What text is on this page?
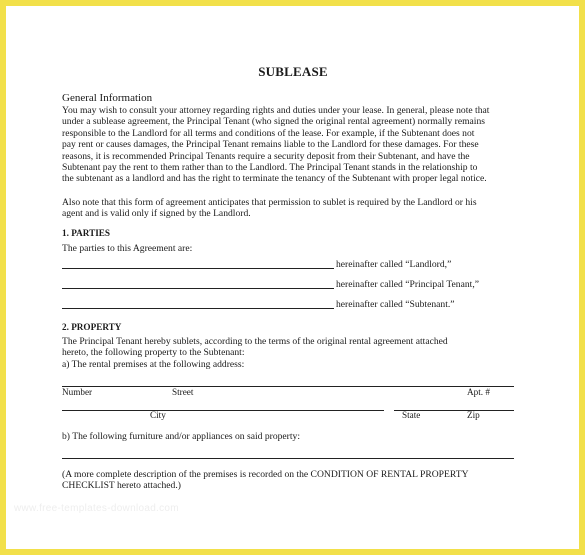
SUBLEASE
General Information
You may wish to consult your attorney regarding rights and duties under your lease. In general, please note that
under a sublease agreement, the Principal Tenant (who signed the original rental agreement) normally remains
responsible to the Landlord for all terms and conditions of the lease. For example, if the Subtenant does not
pay rent or causes damages, the Principal Tenant remains liable to the Landlord for these damages. For these
reasons, it is recommended Principal Tenants require a security deposit from their Subtenant, and have the
Subtenant pay the rent to them rather than to the Landlord. The Principal Tenant stands in the relationship to
the subtenant as a landlord and has the right to terminate the tenancy of the Subtenant with proper legal notice.
Also note that this form of agreement anticipates that permission to sublet is required by the Landlord or his
agent and is valid only if signed by the Landlord.
1. PARTIES
The parties to this Agreement are:
hereinafter called “Landlord,”
hereinafter called “Principal Tenant,”
hereinafter called “Subtenant.”
2. PROPERTY
The Principal Tenant hereby sublets, according to the terms of the original rental agreement attached
hereto, the following property to the Subtenant:
a) The rental premises at the following address:
Number	Street	Apt. #
City	State	Zip
b) The following furniture and/or appliances on said property:
(A more complete description of the premises is recorded on the CONDITION OF RENTAL PROPERTY
CHECKLIST hereto attached.)
www.free-templates-download.com
